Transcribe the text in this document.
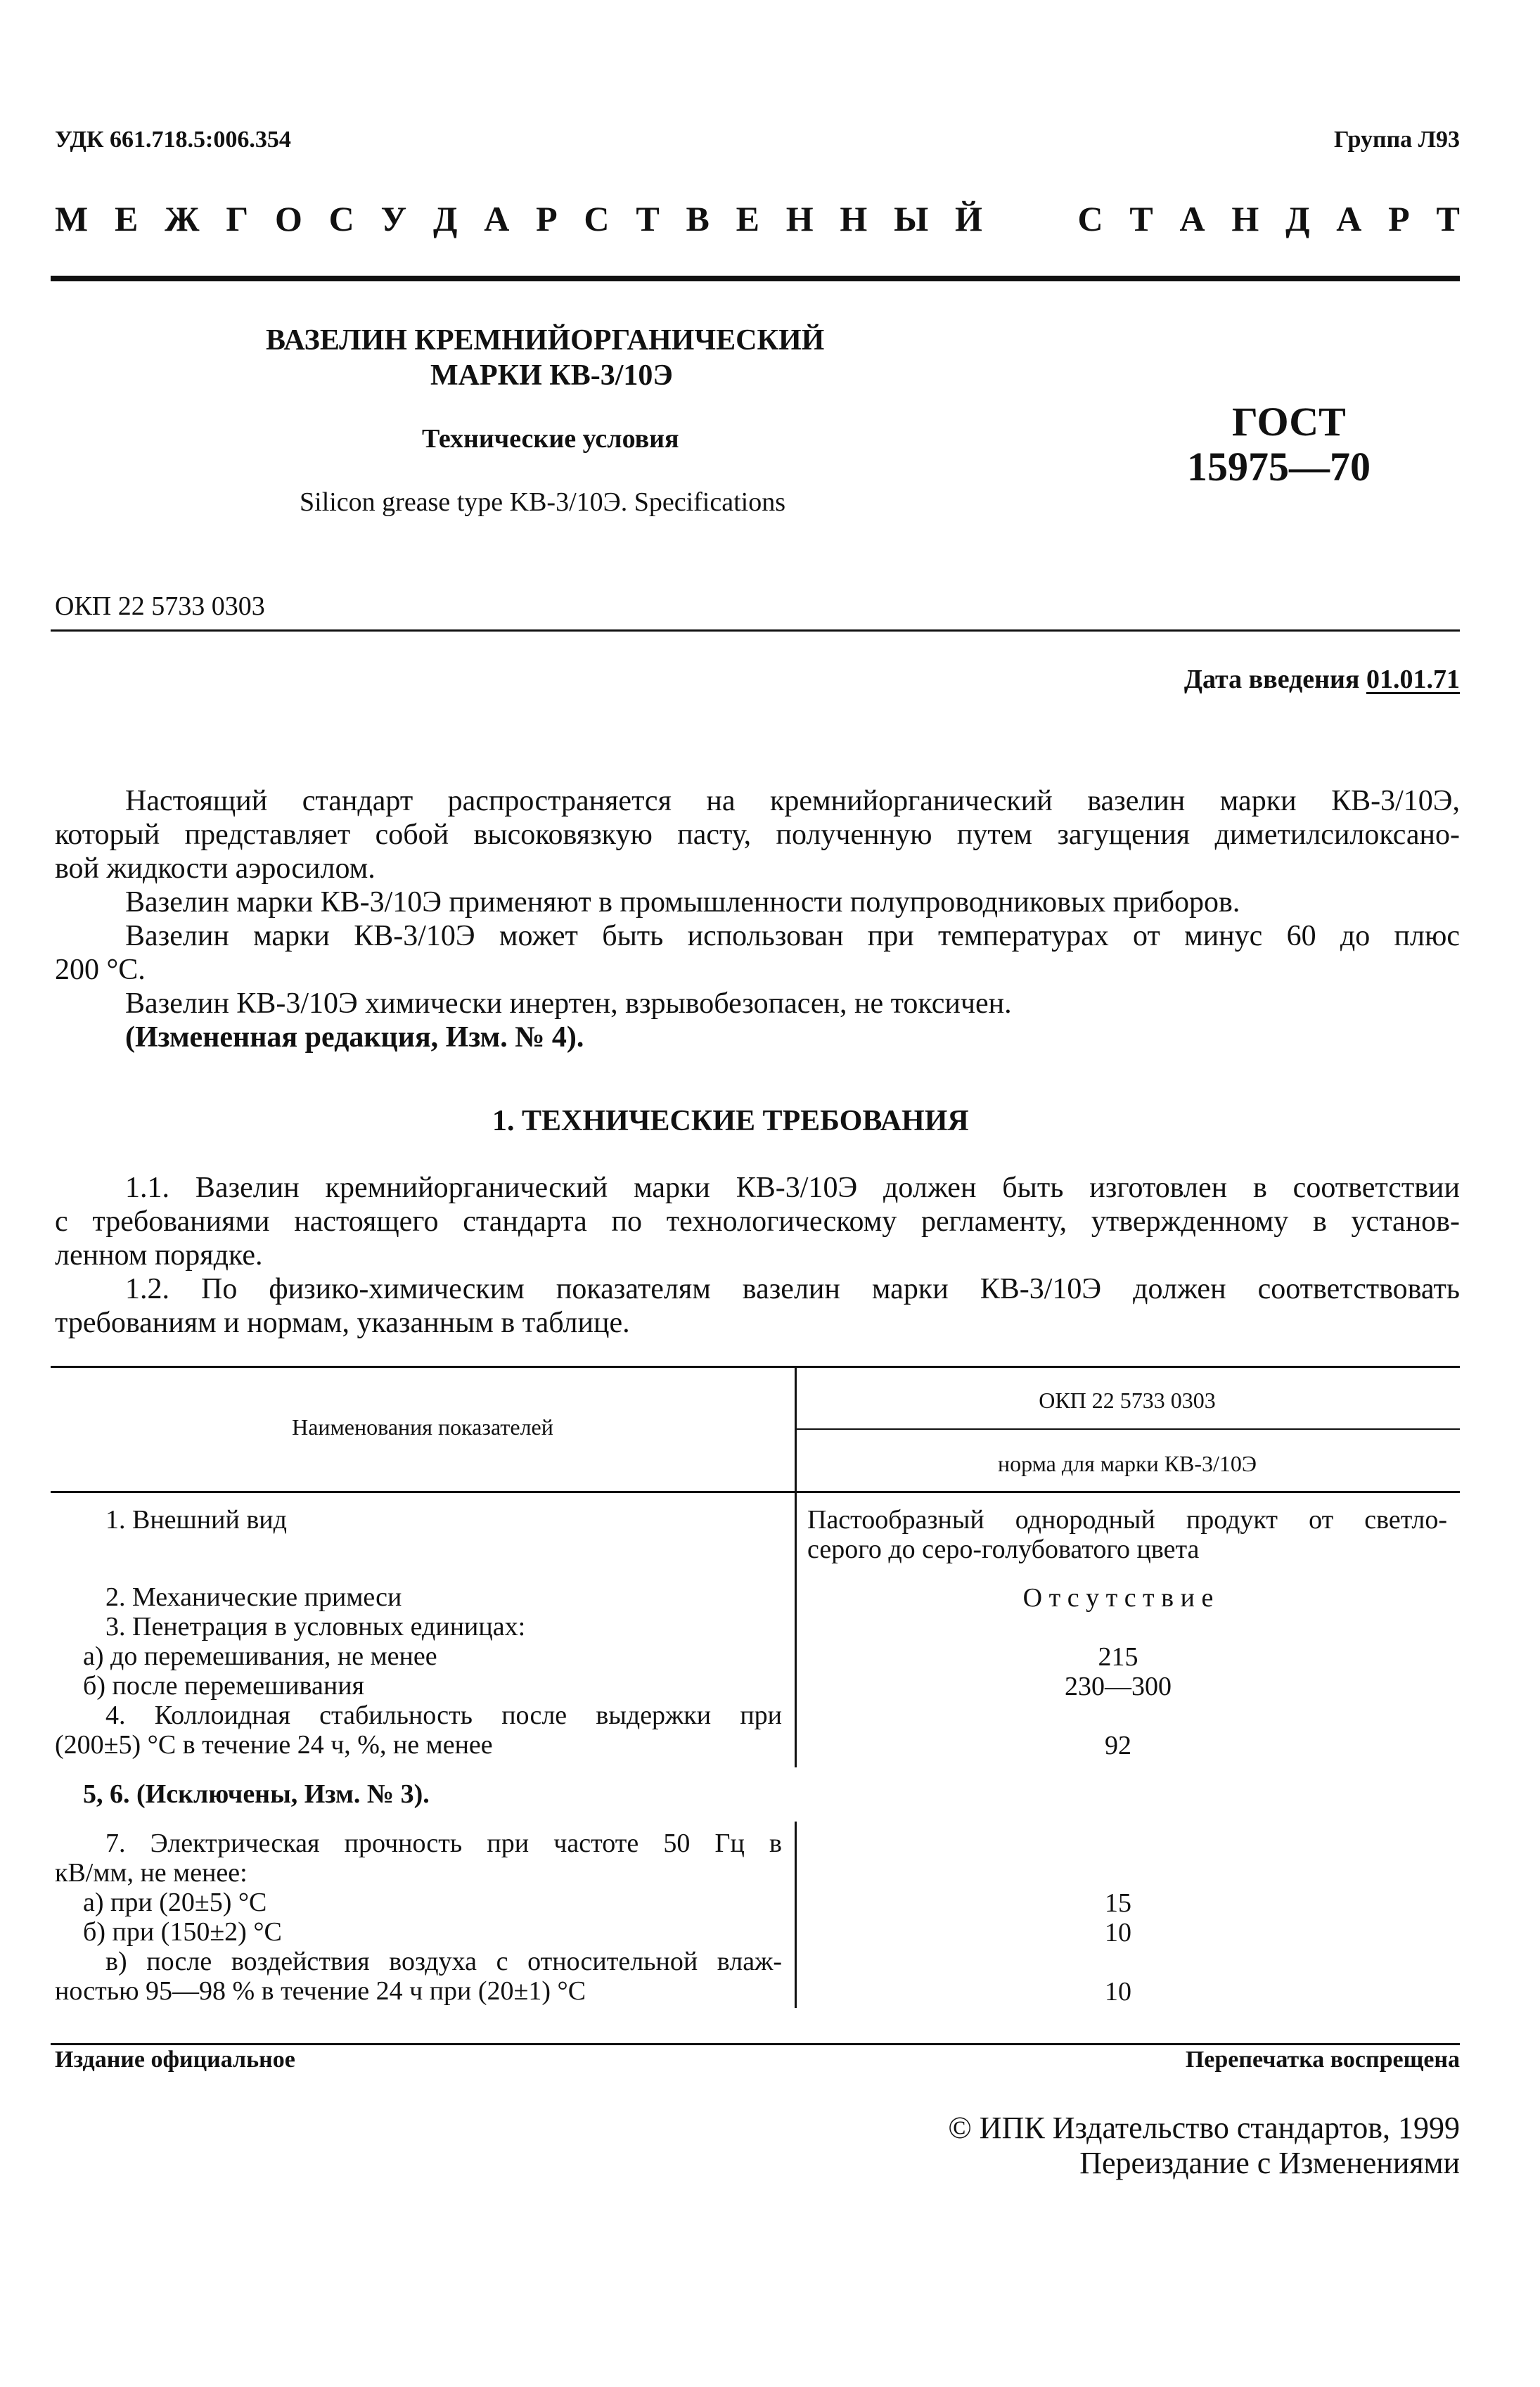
УДК 661.718.5:006.354	Группа Л93
М Е Ж Г О С У Д А Р С Т В Е Н Н Ы Й	С Т А Н Д А Р Т
ВАЗЕЛИН КРЕМНИЙОРГАНИЧЕСКИЙ
МАРКИ КВ-3/10Э
Технические условия
Silicon grease type KB-3/10Э. Specifications
ГОСТ
15975—70
ОКП 22 5733 0303
Дата введения 01.01.71
Настоящий стандарт распространяется на кремнийорганический вазелин марки КВ-3/10Э,
который представляет собой высоковязкую пасту, полученную путем загущения диметилсилоксано-
вой жидкости аэросилом.
Вазелин марки КВ-3/10Э применяют в промышленности полупроводниковых приборов.
Вазелин марки КВ-3/10Э может быть использован при температурах от минус 60 до плюс
200 °С.
Вазелин КВ-3/10Э химически инертен, взрывобезопасен, не токсичен.
(Измененная редакция, Изм. № 4).
1. ТЕХНИЧЕСКИЕ ТРЕБОВАНИЯ
1.1. Вазелин кремнийорганический марки КВ-3/10Э должен быть изготовлен в соответствии
с требованиями настоящего стандарта по технологическому регламенту, утвержденному в установ-
ленном порядке.
1.2. По физико-химическим показателям вазелин марки КВ-3/10Э должен соответствовать
требованиям и нормам, указанным в таблице.
Наименования показателей
ОКП 22 5733 0303
норма для марки КВ-3/10Э
1. Внешний вид	Пастообразный однородный продукт от светло-
серого до серо-голубоватого цвета
2. Механические примеси	О т с у т с т в и е
3. Пенетрация в условных единицах:
а) до перемешивания, не менее	215
б) после перемешивания	230—300
4. Коллоидная стабильность после выдержки при
(200±5) °С в течение 24 ч, %, не менее	92
5, 6. (Исключены, Изм. № 3).
7. Электрическая прочность при частоте 50 Гц в
кВ/мм, не менее:
а) при (20±5) °С	15
б) при (150±2) °С	10
в) после воздействия воздуха с относительной влаж-
ностью 95—98 % в течение 24 ч при (20±1) °С	10
Издание официальное	Перепечатка воспрещена
© ИПК Издательство стандартов, 1999
Переиздание с Изменениями
